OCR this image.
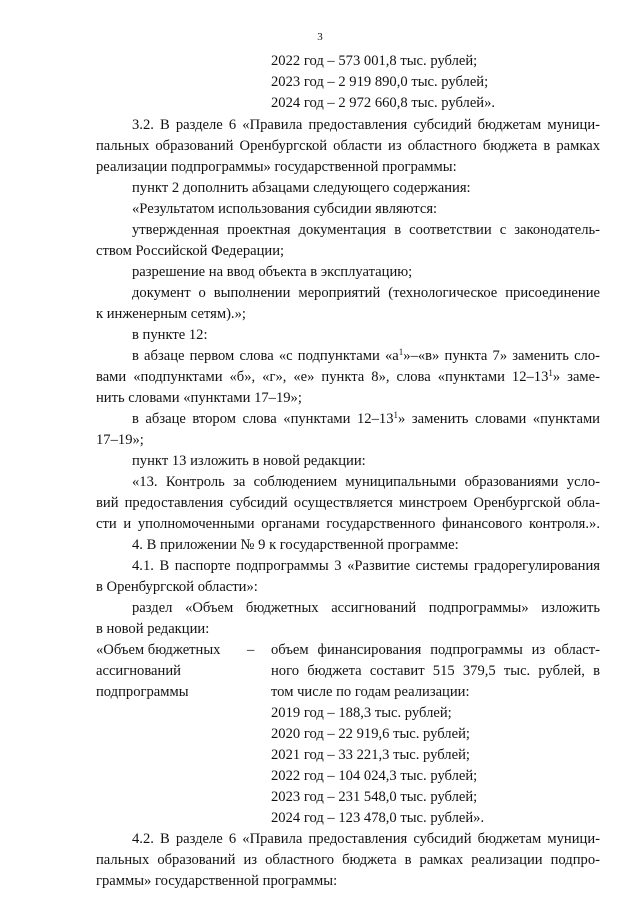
3
2022 год – 573 001,8 тыс. рублей;
2023 год – 2 919 890,0 тыс. рублей;
2024 год – 2 972 660,8 тыс. рублей».
3.2. В разделе 6 «Правила предоставления субсидий бюджетам муници-
пальных образований Оренбургской области из областного бюджета в рамках
реализации подпрограммы» государственной программы:
пункт 2 дополнить абзацами следующего содержания:
«Результатом использования субсидии являются:
утвержденная проектная документация в соответствии с законодатель-
ством Российской Федерации;
разрешение на ввод объекта в эксплуатацию;
документ о выполнении мероприятий (технологическое присоединение
к инженерным сетям).»;
в пункте 12:
в абзаце первом слова «с подпунктами «$а^1»-«в$» пункта 7» заменить сло-
вами «подпунктами «б», «г», «е» пункта 8», слова «пунктами $12-13^1$» заме-
нить словами «пунктами 17–19»;
в абзаце втором слова «пунктами $12-13^1$» заменить словами «пунктами
17–19»;
пункт 13 изложить в новой редакции:
«13. Контроль за соблюдением муниципальными образованиями усло-
вий предоставления субсидий осуществляется минстроем Оренбургской обла-
сти и уполномоченными органами государственного финансового контроля.».
4. В приложении № 9 к государственной программе:
4.1. В паспорте подпрограммы 3 «Развитие системы градорегулирования
в Оренбургской области»:
раздел «Объем бюджетных ассигнований подпрограммы» изложить
в новой редакции:
«Объем бюджетных
ассигнований
подпрограммы
– объем финансирования подпрограммы из област-
ного бюджета составит 515 379,5 тыс. рублей, в
том числе по годам реализации:
2019 год – 188,3 тыс. рублей;
2020 год – 22 919,6 тыс. рублей;
2021 год – 33 221,3 тыс. рублей;
2022 год – 104 024,3 тыс. рублей;
2023 год – 231 548,0 тыс. рублей;
2024 год – 123 478,0 тыс. рублей».
4.2. В разделе 6 «Правила предоставления субсидий бюджетам муници-
пальных образований из областного бюджета в рамках реализации подпро-
граммы» государственной программы:
